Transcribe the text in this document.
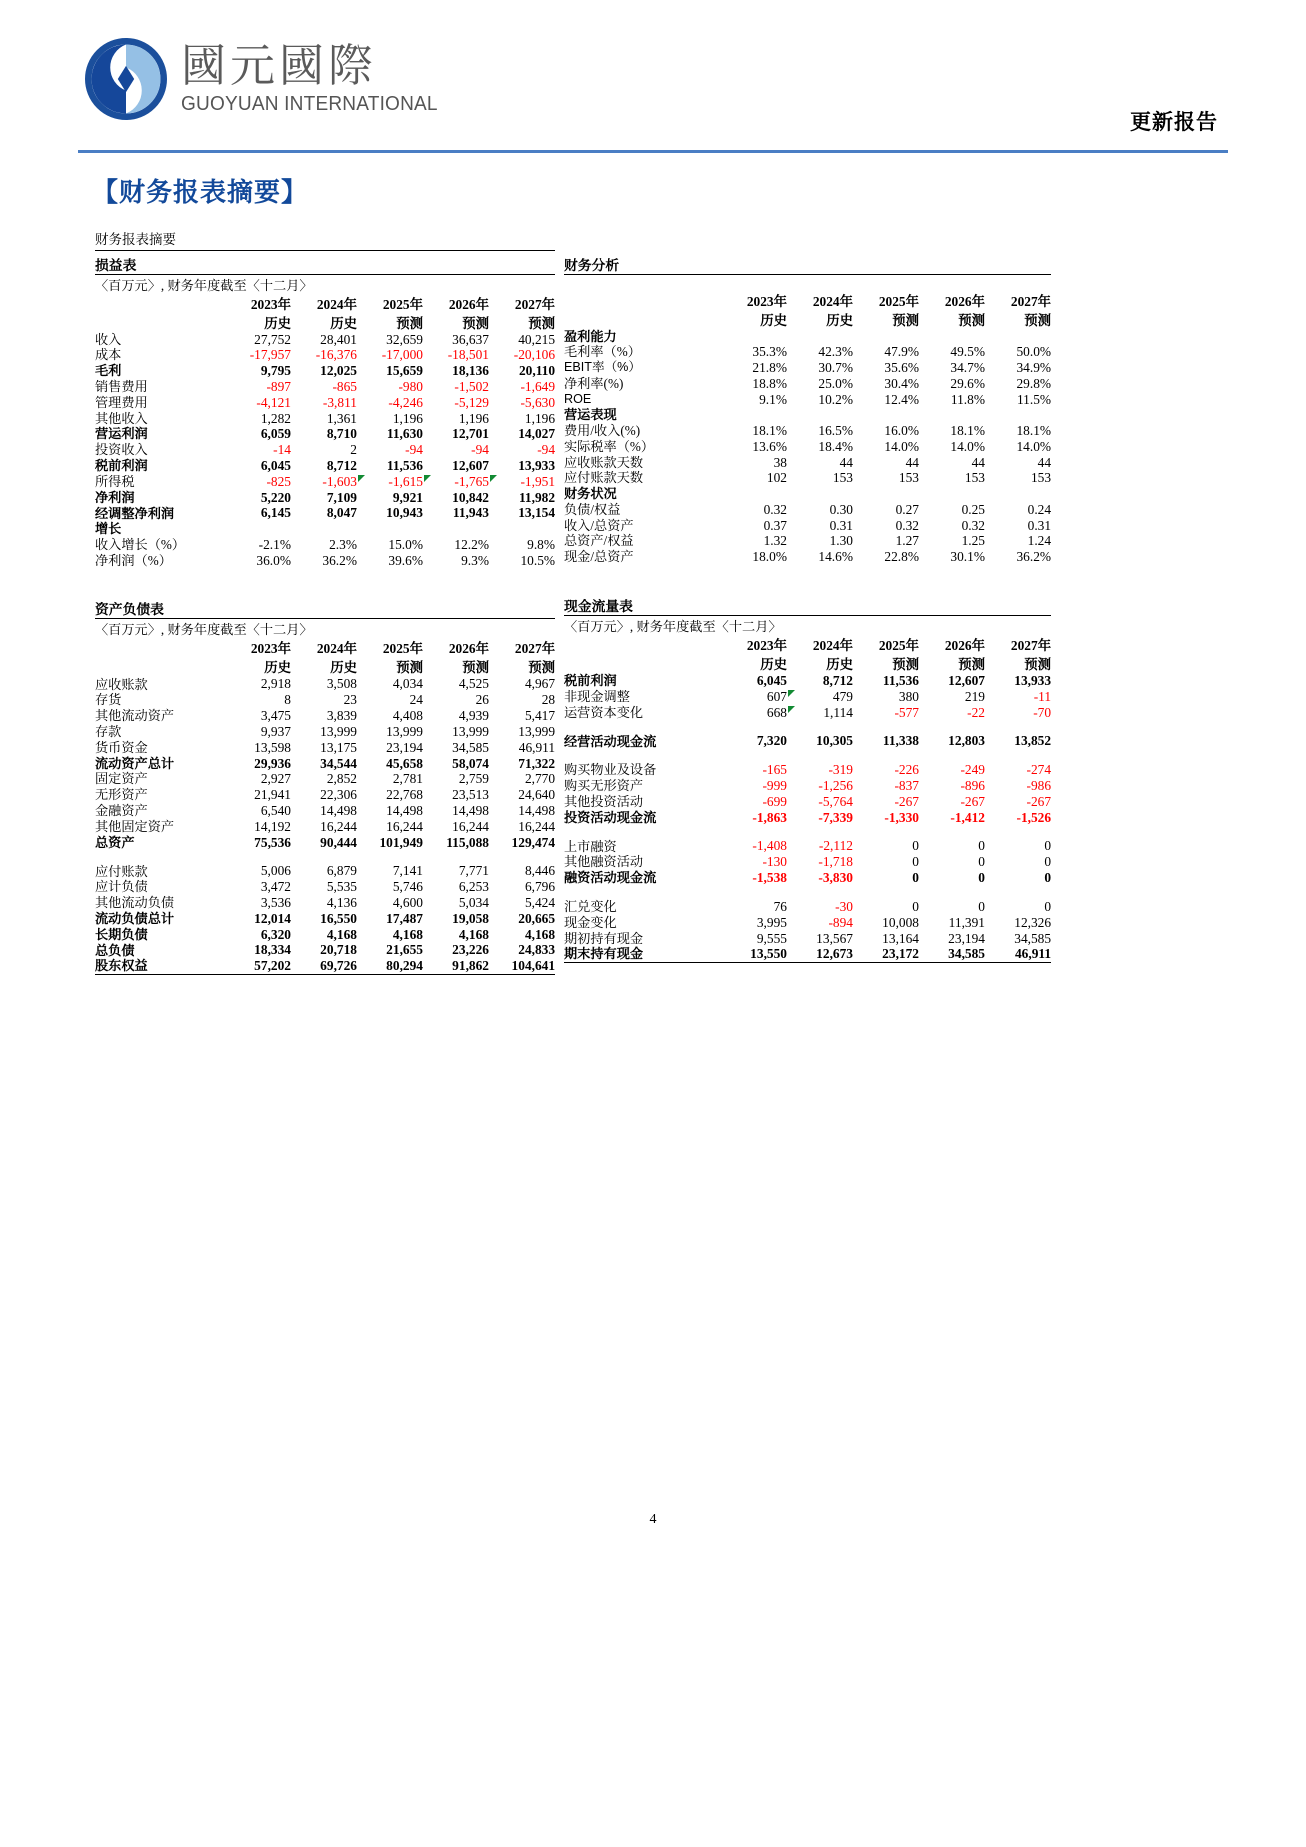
國元國際
GUOYUAN INTERNATIONAL
更新报告
【财务报表摘要】
财务报表摘要
损益表					
〈百万元〉, 财务年度截至〈十二月〉					
	2023年	2024年	2025年	2026年	2027年
	历史	历史	预测	预测	预测
收入	27,752	28,401	32,659	36,637	40,215
成本	-17,957	-16,376	-17,000	-18,501	-20,106
毛利	9,795	12,025	15,659	18,136	20,110
销售费用	-897	-865	-980	-1,502	-1,649
管理费用	-4,121	-3,811	-4,246	-5,129	-5,630
其他收入	1,282	1,361	1,196	1,196	1,196
营运利润	6,059	8,710	11,630	12,701	14,027
投资收入	-14	2	-94	-94	-94
税前利润	6,045	8,712	11,536	12,607	13,933
所得税	-825	-1,603	-1,615	-1,765	-1,951
净利润	5,220	7,109	9,921	10,842	11,982
经调整净利润	6,145	8,047	10,943	11,943	13,154
增长					
收入增长（%）	-2.1%	2.3%	15.0%	12.2%	9.8%
净利润（%）	36.0%	36.2%	39.6%	9.3%	10.5%
资产负债表					
〈百万元〉, 财务年度截至〈十二月〉					
	2023年	2024年	2025年	2026年	2027年
	历史	历史	预测	预测	预测
应收账款	2,918	3,508	4,034	4,525	4,967
存货	8	23	24	26	28
其他流动资产	3,475	3,839	4,408	4,939	5,417
存款	9,937	13,999	13,999	13,999	13,999
货币资金	13,598	13,175	23,194	34,585	46,911
流动资产总计	29,936	34,544	45,658	58,074	71,322
固定资产	2,927	2,852	2,781	2,759	2,770
无形资产	21,941	22,306	22,768	23,513	24,640
金融资产	6,540	14,498	14,498	14,498	14,498
其他固定资产	14,192	16,244	16,244	16,244	16,244
总资产	75,536	90,444	101,949	115,088	129,474

应付账款	5,006	6,879	7,141	7,771	8,446
应计负债	3,472	5,535	5,746	6,253	6,796
其他流动负债	3,536	4,136	4,600	5,034	5,424
流动负债总计	12,014	16,550	17,487	19,058	20,665
长期负债	6,320	4,168	4,168	4,168	4,168
总负债	18,334	20,718	21,655	23,226	24,833
股东权益	57,202	69,726	80,294	91,862	104,641
财务分析					

	2023年	2024年	2025年	2026年	2027年
	历史	历史	预测	预测	预测
盈利能力					
毛利率（%）	35.3%	42.3%	47.9%	49.5%	50.0%
EBIT率（%）	21.8%	30.7%	35.6%	34.7%	34.9%
净利率(%)	18.8%	25.0%	30.4%	29.6%	29.8%
ROE	9.1%	10.2%	12.4%	11.8%	11.5%
营运表现					
费用/收入(%)	18.1%	16.5%	16.0%	18.1%	18.1%
实际税率（%）	13.6%	18.4%	14.0%	14.0%	14.0%
应收账款天数	38	44	44	44	44
应付账款天数	102	153	153	153	153
财务状况					
负债/权益	0.32	0.30	0.27	0.25	0.24
收入/总资产	0.37	0.31	0.32	0.32	0.31
总资产/权益	1.32	1.30	1.27	1.25	1.24
现金/总资产	18.0%	14.6%	22.8%	30.1%	36.2%
现金流量表					
〈百万元〉, 财务年度截至〈十二月〉					
	2023年	2024年	2025年	2026年	2027年
	历史	历史	预测	预测	预测
税前利润	6,045	8,712	11,536	12,607	13,933
非现金调整	607	479	380	219	-11
运营资本变化	668	1,114	-577	-22	-70

经营活动现金流	7,320	10,305	11,338	12,803	13,852

购买物业及设备	-165	-319	-226	-249	-274
购买无形资产	-999	-1,256	-837	-896	-986
其他投资活动	-699	-5,764	-267	-267	-267
投资活动现金流	-1,863	-7,339	-1,330	-1,412	-1,526

上市融资	-1,408	-2,112	0	0	0
其他融资活动	-130	-1,718	0	0	0
融资活动现金流	-1,538	-3,830	0	0	0

汇兑变化	76	-30	0	0	0
现金变化	3,995	-894	10,008	11,391	12,326
期初持有现金	9,555	13,567	13,164	23,194	34,585
期末持有现金	13,550	12,673	23,172	34,585	46,911
4
